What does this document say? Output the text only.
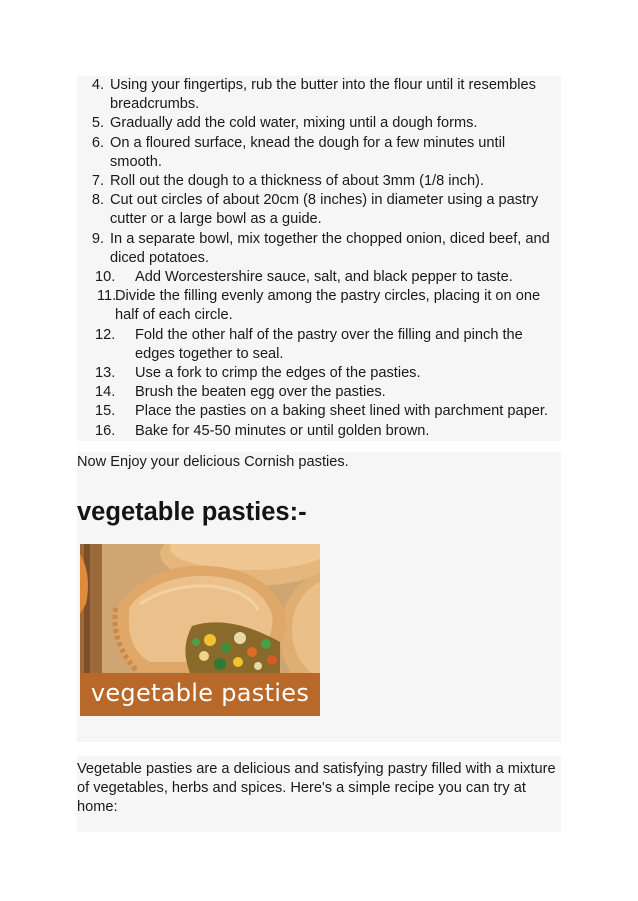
4. Using your fingertips, rub the butter into the flour until it resembles breadcrumbs.
5. Gradually add the cold water, mixing until a dough forms.
6. On a floured surface, knead the dough for a few minutes until smooth.
7. Roll out the dough to a thickness of about 3mm (1/8 inch).
8. Cut out circles of about 20cm (8 inches) in diameter using a pastry cutter or a large bowl as a guide.
9. In a separate bowl, mix together the chopped onion, diced beef, and diced potatoes.
10.	Add Worcestershire sauce, salt, and black pepper to taste.
11.
Divide the filling evenly among the pastry circles, placing it on one half of each circle.
12.	Fold the other half of the pastry over the filling and pinch the edges together to seal.
13.	Use a fork to crimp the edges of the pasties.
14.	Brush the beaten egg over the pasties.
15.	Place the pasties on a baking sheet lined with parchment paper.
16.	Bake for 45-50 minutes or until golden brown.

Now Enjoy your delicious Cornish pasties.

vegetable pasties:-
vegetable pasties

Vegetable pasties are a delicious and satisfying pastry filled with a mixture of vegetables, herbs and spices. Here's a simple recipe you can try at home:
